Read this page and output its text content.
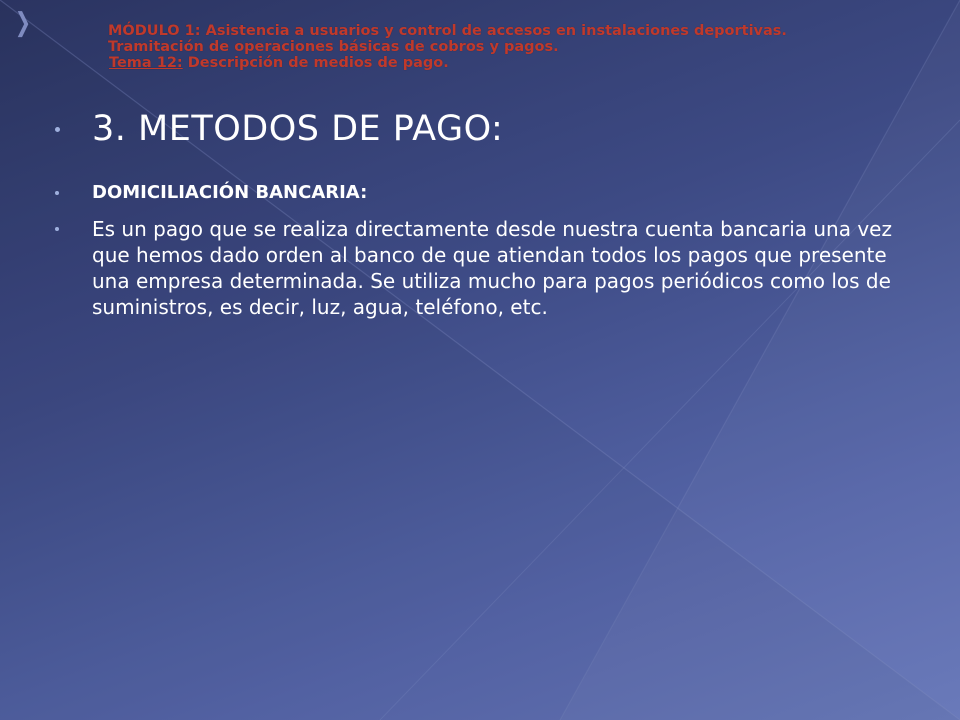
❯	MÓDULO 1: Asistencia a usuarios y control de accesos en instalaciones deportivas.
Tramitación de operaciones básicas de cobros y pagos.
Tema 12: Descripción de medios de pago.
3. METODOS DE PAGO:
DOMICILIACIÓN BANCARIA:
Es un pago que se realiza directamente desde nuestra cuenta bancaria una vez que hemos dado orden al banco de que atiendan todos los pagos que presente una empresa determinada. Se utiliza mucho para pagos periódicos como los de suministros, es decir, luz, agua, teléfono, etc.
